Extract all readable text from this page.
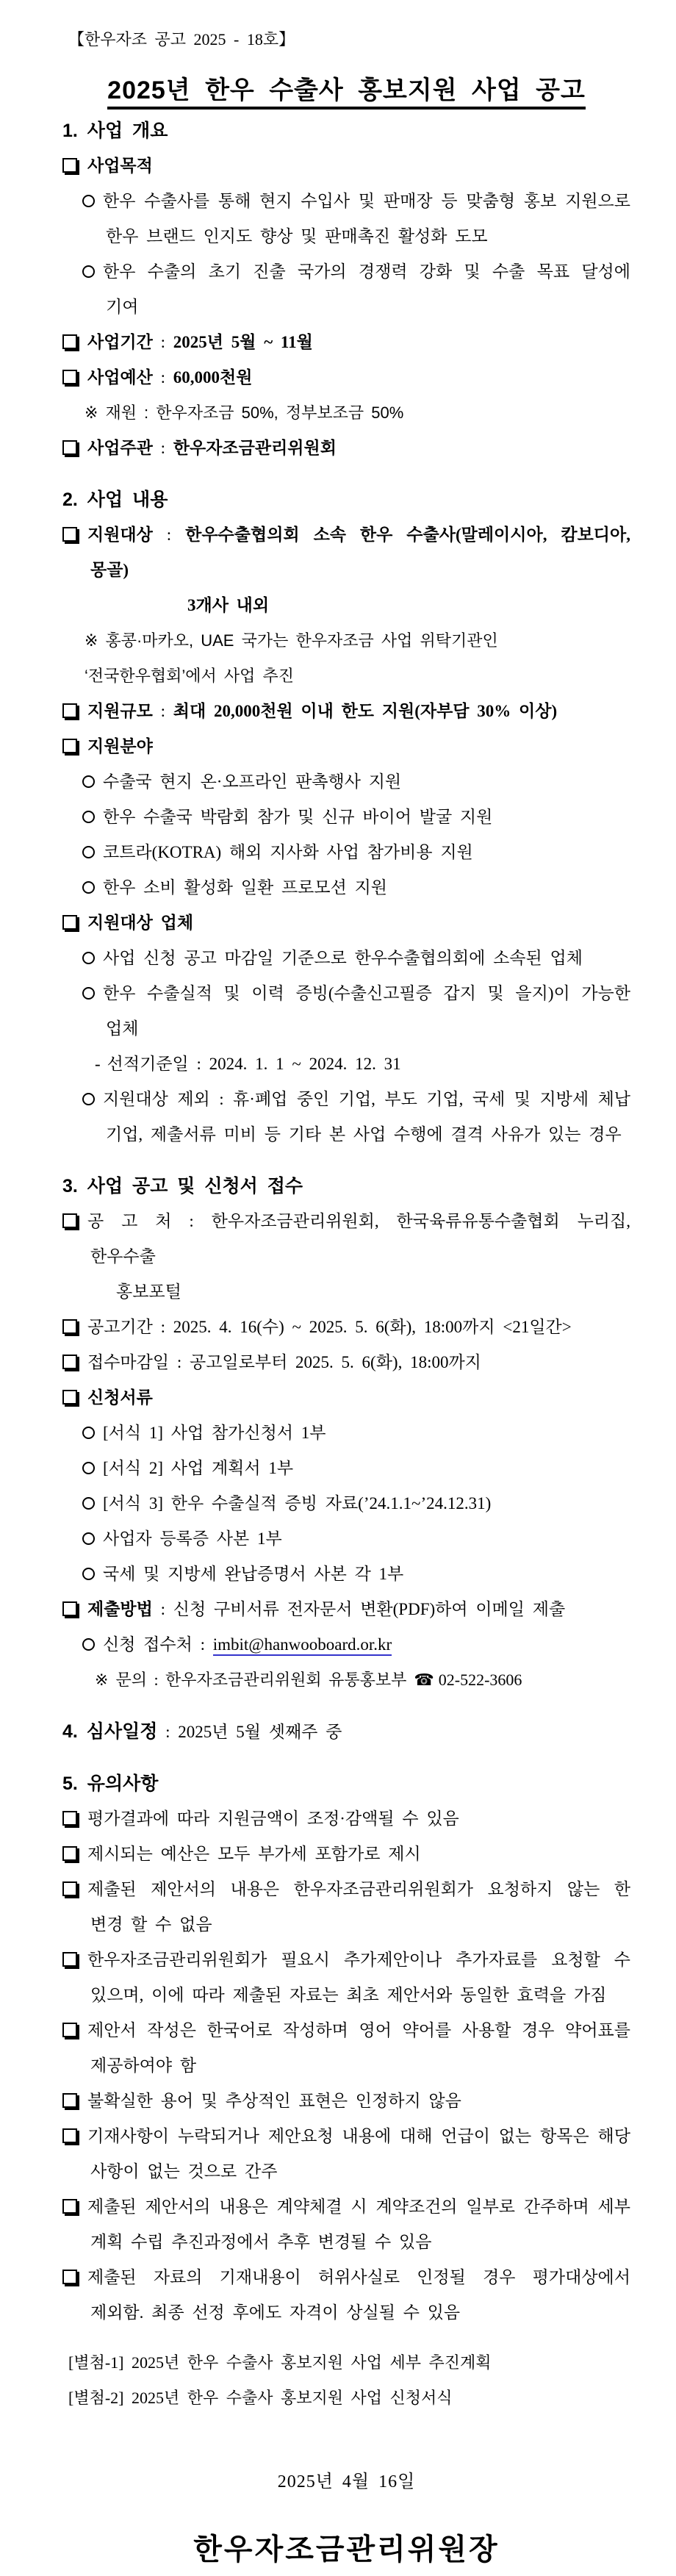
【한우자조 공고 2025 - 18호】
2025년 한우 수출사 홍보지원 사업 공고
1. 사업 개요
사업목적
한우 수출사를 통해 현지 수입사 및 판매장 등 맞춤형 홍보 지원으로 한우 브랜드 인지도 향상 및 판매촉진 활성화 도모
한우 수출의 초기 진출 국가의 경쟁력 강화 및 수출 목표 달성에 기여
사업기간 : 2025년 5월 ~ 11월
사업예산 : 60,000천원
※ 재원 : 한우자조금 50%, 정부보조금 50%
사업주관 : 한우자조금관리위원회
2. 사업 내용
지원대상 : 한우수출협의회 소속 한우 수출사(말레이시아, 캄보디아, 몽골)
3개사 내외
※ 홍콩·마카오, UAE 국가는 한우자조금 사업 위탁기관인 ‘전국한우협회’에서 사업 추진
지원규모 : 최대 20,000천원 이내 한도 지원(자부담 30% 이상)
지원분야
수출국 현지 온·오프라인 판촉행사 지원
한우 수출국 박람회 참가 및 신규 바이어 발굴 지원
코트라(KOTRA) 해외 지사화 사업 참가비용 지원
한우 소비 활성화 일환 프로모션 지원
지원대상 업체
사업 신청 공고 마감일 기준으로 한우수출협의회에 소속된 업체
한우 수출실적 및 이력 증빙(수출신고필증 갑지 및 을지)이 가능한 업체
- 선적기준일 : 2024. 1. 1 ~ 2024. 12. 31
지원대상 제외 : 휴·폐업 중인 기업, 부도 기업, 국세 및 지방세 체납 기업, 제출서류 미비 등 기타 본 사업 수행에 결격 사유가 있는 경우
3. 사업 공고 및 신청서 접수
공 고 처 : 한우자조금관리위원회, 한국육류유통수출협회 누리집, 한우수출
홍보포털
공고기간 : 2025. 4. 16(수) ~ 2025. 5. 6(화), 18:00까지 <21일간>
접수마감일 : 공고일로부터 2025. 5. 6(화), 18:00까지
신청서류
[서식 1] 사업 참가신청서 1부
[서식 2] 사업 계획서 1부
[서식 3] 한우 수출실적 증빙 자료(’24.1.1~’24.12.31)
사업자 등록증 사본 1부
국세 및 지방세 완납증명서 사본 각 1부
제출방법 : 신청 구비서류 전자문서 변환(PDF)하여 이메일 제출
신청 접수처 : imbit@hanwooboard.or.kr
※ 문의 : 한우자조금관리위원회 유통홍보부 ☎ 02-522-3606
4. 심사일정 : 2025년 5월 셋째주 중
5. 유의사항
평가결과에 따라 지원금액이 조정·감액될 수 있음
제시되는 예산은 모두 부가세 포함가로 제시
제출된 제안서의 내용은 한우자조금관리위원회가 요청하지 않는 한 변경 할 수 없음
한우자조금관리위원회가 필요시 추가제안이나 추가자료를 요청할 수 있으며, 이에 따라 제출된 자료는 최초 제안서와 동일한 효력을 가짐
제안서 작성은 한국어로 작성하며 영어 약어를 사용할 경우 약어표를 제공하여야 함
불확실한 용어 및 추상적인 표현은 인정하지 않음
기재사항이 누락되거나 제안요청 내용에 대해 언급이 없는 항목은 해당 사항이 없는 것으로 간주
제출된 제안서의 내용은 계약체결 시 계약조건의 일부로 간주하며 세부 계획 수립 추진과정에서 추후 변경될 수 있음
제출된 자료의 기재내용이 허위사실로 인정될 경우 평가대상에서 제외함. 최종 선정 후에도 자격이 상실될 수 있음
[별첨-1] 2025년 한우 수출사 홍보지원 사업 세부 추진계획
[별첨-2] 2025년 한우 수출사 홍보지원 사업 신청서식
2025년 4월 16일
한우자조금관리위원장
